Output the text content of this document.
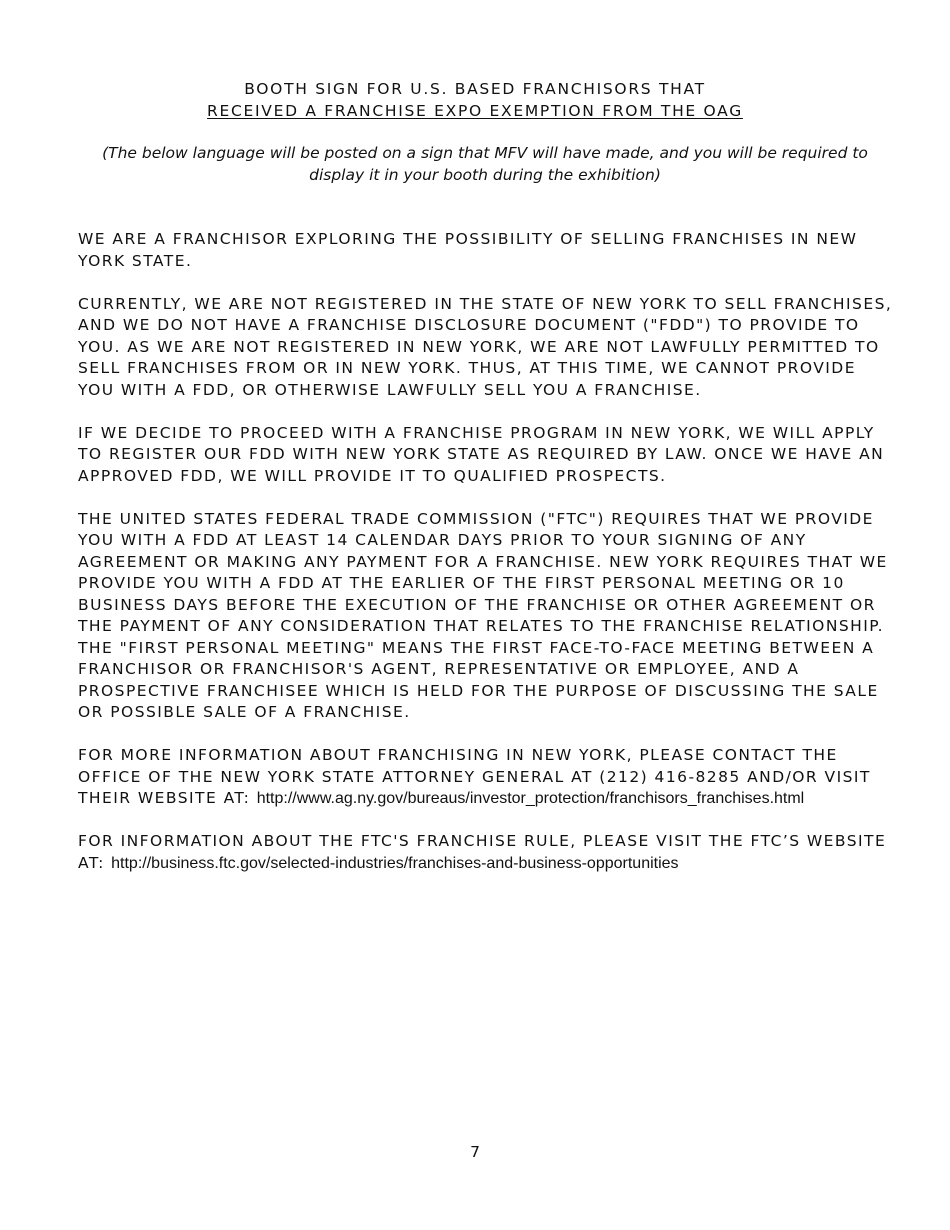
BOOTH SIGN FOR U.S. BASED FRANCHISORS THAT
RECEIVED A FRANCHISE EXPO EXEMPTION FROM THE OAG

(The below language will be posted on a sign that MFV will have made, and you will be required to display it in your booth during the exhibition)

WE ARE A FRANCHISOR EXPLORING THE POSSIBILITY OF SELLING FRANCHISES IN NEW YORK STATE.

CURRENTLY, WE ARE NOT REGISTERED IN THE STATE OF NEW YORK TO SELL FRANCHISES, AND WE DO NOT HAVE A FRANCHISE DISCLOSURE DOCUMENT ("FDD") TO PROVIDE TO YOU. AS WE ARE NOT REGISTERED IN NEW YORK, WE ARE NOT LAWFULLY PERMITTED TO SELL FRANCHISES FROM OR IN NEW YORK. THUS, AT THIS TIME, WE CANNOT PROVIDE YOU WITH A FDD, OR OTHERWISE LAWFULLY SELL YOU A FRANCHISE.

IF WE DECIDE TO PROCEED WITH A FRANCHISE PROGRAM IN NEW YORK, WE WILL APPLY TO REGISTER OUR FDD WITH NEW YORK STATE AS REQUIRED BY LAW. ONCE WE HAVE AN APPROVED FDD, WE WILL PROVIDE IT TO QUALIFIED PROSPECTS.

THE UNITED STATES FEDERAL TRADE COMMISSION ("FTC") REQUIRES THAT WE PROVIDE YOU WITH A FDD AT LEAST 14 CALENDAR DAYS PRIOR TO YOUR SIGNING OF ANY AGREEMENT OR MAKING ANY PAYMENT FOR A FRANCHISE. NEW YORK REQUIRES THAT WE PROVIDE YOU WITH A FDD AT THE EARLIER OF THE FIRST PERSONAL MEETING OR 10 BUSINESS DAYS BEFORE THE EXECUTION OF THE FRANCHISE OR OTHER AGREEMENT OR THE PAYMENT OF ANY CONSIDERATION THAT RELATES TO THE FRANCHISE RELATIONSHIP. THE "FIRST PERSONAL MEETING" MEANS THE FIRST FACE-TO-FACE MEETING BETWEEN A FRANCHISOR OR FRANCHISOR'S AGENT, REPRESENTATIVE OR EMPLOYEE, AND A PROSPECTIVE FRANCHISEE WHICH IS HELD FOR THE PURPOSE OF DISCUSSING THE SALE OR POSSIBLE SALE OF A FRANCHISE.

FOR MORE INFORMATION ABOUT FRANCHISING IN NEW YORK, PLEASE CONTACT THE OFFICE OF THE NEW YORK STATE ATTORNEY GENERAL AT (212) 416-8285 AND/OR VISIT THEIR WEBSITE AT: http://www.ag.ny.gov/bureaus/investor_protection/franchisors_franchises.html

FOR INFORMATION ABOUT THE FTC'S FRANCHISE RULE, PLEASE VISIT THE FTC’S WEBSITE AT: http://business.ftc.gov/selected-industries/franchises-and-business-opportunities

7
